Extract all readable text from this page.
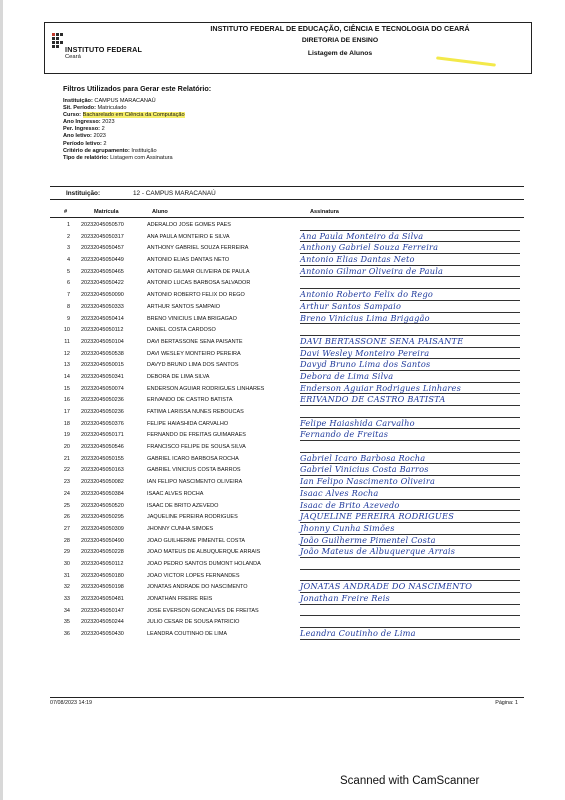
INSTITUTO FEDERAL
Ceará
INSTITUTO FEDERAL DE EDUCAÇÃO, CIÊNCIA E TECNOLOGIA DO CEARÁ
DIRETORIA DE ENSINO
Listagem de Alunos
Filtros Utilizados para Gerar este Relatório:
Instituição: CAMPUS MARACANAÚ
Sit. Período: Matriculado
Curso: Bacharelado em Ciência da Computação
Ano Ingresso: 2023
Per. Ingresso: 2
Ano letivo: 2023
Período letivo: 2
Critério de agrupamento: Instituição
Tipo de relatório: Listagem com Assinatura
Instituição:	12 - CAMPUS MARACANAÚ
#	Matrícula	Aluno	Assinatura
1 20232045050570	ADERALDO JOSE GOMES PAES
2 20232045050317	ANA PAULA MONTEIRO E SILVA	Ana Paula Monteiro da Silva
3 20232045050457	ANTHONY GABRIEL SOUZA FERREIRA	Anthony Gabriel Souza Ferreira
4 20232045050449	ANTONIO ELIAS DANTAS NETO	Antonio Elias Dantas Neto
5 20232045050465	ANTONIO GILMAR OLIVEIRA DE PAULA	Antonio Gilmar Oliveira de Paula
6 20232045050422	ANTONIO LUCAS BARBOSA SALVADOR
7 20232045050090	ANTONIO ROBERTO FELIX DO REGO	Antonio Roberto Felix do Rego
8 20232045050333	ARTHUR SANTOS SAMPAIO	Arthur Santos Sampaio
9 20232045050414	BRENO VINICIUS LIMA BRIGAGAO	Breno Vinicius Lima Brigagão
10 20232045050112	DANIEL COSTA CARDOSO
11 20232045050104	DAVI BERTASSONE SENA PAISANTE	DAVI BERTASSONE SENA PAISANTE
12 20232045050538	DAVI WESLEY MONTEIRO PEREIRA	Davi Wesley Monteiro Pereira
13 20232045050015	DAVYD BRUNO LIMA DOS SANTOS	Davyd Bruno Lima dos Santos
14 20232045050341	DEBORA DE LIMA SILVA	Debora de Lima Silva
15 20232045050074	ENDERSON AGUIAR RODRIGUES LINHARES	Enderson Aguiar Rodrigues Linhares
16 20232045050236	ERIVANDO DE CASTRO BATISTA	ERIVANDO DE CASTRO BATISTA
17 20232045050236	FATIMA LARISSA NUNES REBOUCAS
18 20232045050376	FELIPE HAIASHIDA CARVALHO	Felipe Haiashida Carvalho
19 20232045050171	FERNANDO DE FREITAS GUIMARAES	Fernando de Freitas
20 20232045050546	FRANCISCO FELIPE DE SOUSA SILVA
21 20232045050155	GABRIEL ICARO BARBOSA ROCHA	Gabriel Icaro Barbosa Rocha
22 20232045050163	GABRIEL VINICIUS COSTA BARROS	Gabriel Vinicius Costa Barros
23 20232045050082	IAN FELIPO NASCIMENTO OLIVEIRA	Ian Felipo Nascimento Oliveira
24 20232045050384	ISAAC ALVES ROCHA	Isaac Alves Rocha
25 20232045050520	ISAAC DE BRITO AZEVEDO	Isaac de Brito Azevedo
26 20232045050295	JAQUELINE PEREIRA RODRIGUES	JAQUELINE PEREIRA RODRIGUES
27 20232045050309	JHONNY CUNHA SIMOES	Jhonny Cunha Simões
28 20232045050490	JOAO GUILHERME PIMENTEL COSTA	João Guilherme Pimentel Costa
29 20232045050228	JOAO MATEUS DE ALBUQUERQUE ARRAIS	João Mateus de Albuquerque Arrais
30 20232045050112	JOAO PEDRO SANTOS DUMONT HOLANDA
31 20232045050180	JOAO VICTOR LOPES FERNANDES
32 20232045050198	JONATAS ANDRADE DO NASCIMENTO	JONATAS ANDRADE DO NASCIMENTO
33 20232045050481	JONATHAN FREIRE REIS	Jonathan Freire Reis
34 20232045050147	JOSE EVERSON GONCALVES DE FREITAS
35 20232045050244	JULIO CESAR DE SOUSA PATRICIO
36 20232045050430	LEANDRA COUTINHO DE LIMA	Leandra Coutinho de Lima
07/08/2023 14:19	Página: 1
Scanned with CamScanner
